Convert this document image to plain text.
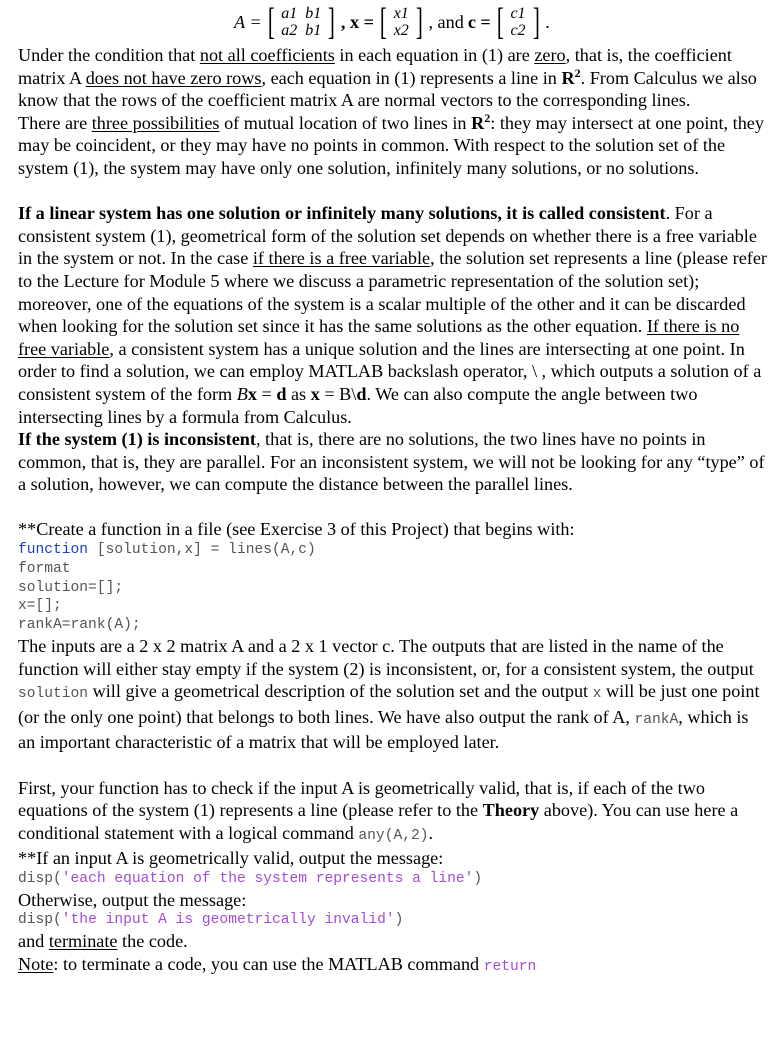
A = [ a1 b1
a2 b1 ] , x = [ x1
x2 ] , and c = [ c1
c2 ] .

Under the condition that not all coefficients in each equation in (1) are zero, that is, the coefficient matrix A does not have zero rows, each equation in (1) represents a line in $R^2$. From Calculus we also know that the rows of the coefficient matrix A are normal vectors to the corresponding lines.

There are three possibilities of mutual location of two lines in $R^2$: they may intersect at one point, they may be coincident, or they may have no points in common. With respect to the solution set of the system (1), the system may have only one solution, infinitely many solutions, or no solutions.

If a linear system has one solution or infinitely many solutions, it is called consistent. For a consistent system (1), geometrical form of the solution set depends on whether there is a free variable in the system or not. In the case if there is a free variable, the solution set represents a line (please refer to the Lecture for Module 5 where we discuss a parametric representation of the solution set); moreover, one of the equations of the system is a scalar multiple of the other and it can be discarded when looking for the solution set since it has the same solutions as the other equation. If there is no free variable, a consistent system has a unique solution and the lines are intersecting at one point. In order to find a solution, we can employ MATLAB backslash operator, \ , which outputs a solution of a consistent system of the form Bx = d as x = B\d. We can also compute the angle between two intersecting lines by a formula from Calculus.

If the system (1) is inconsistent, that is, there are no solutions, the two lines have no points in common, that is, they are parallel. For an inconsistent system, we will not be looking for any “type” of a solution, however, we can compute the distance between the parallel lines.

**Create a function in a file (see Exercise 3 of this Project) that begins with:

function [solution,x] = lines(A,c)

format

solution=[];

x=[];

rankA=rank(A);

The inputs are a 2 x 2 matrix A and a 2 x 1 vector c. The outputs that are listed in the name of the function will either stay empty if the system (2) is inconsistent, or, for a consistent system, the output solution will give a geometrical description of the solution set and the output x will be just one point (or the only one point) that belongs to both lines. We have also output the rank of A, rankA, which is an important characteristic of a matrix that will be employed later.

First, your function has to check if the input A is geometrically valid, that is, if each of the two equations of the system (1) represents a line (please refer to the Theory above). You can use here a conditional statement with a logical command any(A,2).

**If an input A is geometrically valid, output the message:

disp('each equation of the system represents a line')

Otherwise, output the message:

disp('the input A is geometrically invalid')

and terminate the code.

Note: to terminate a code, you can use the MATLAB command return
